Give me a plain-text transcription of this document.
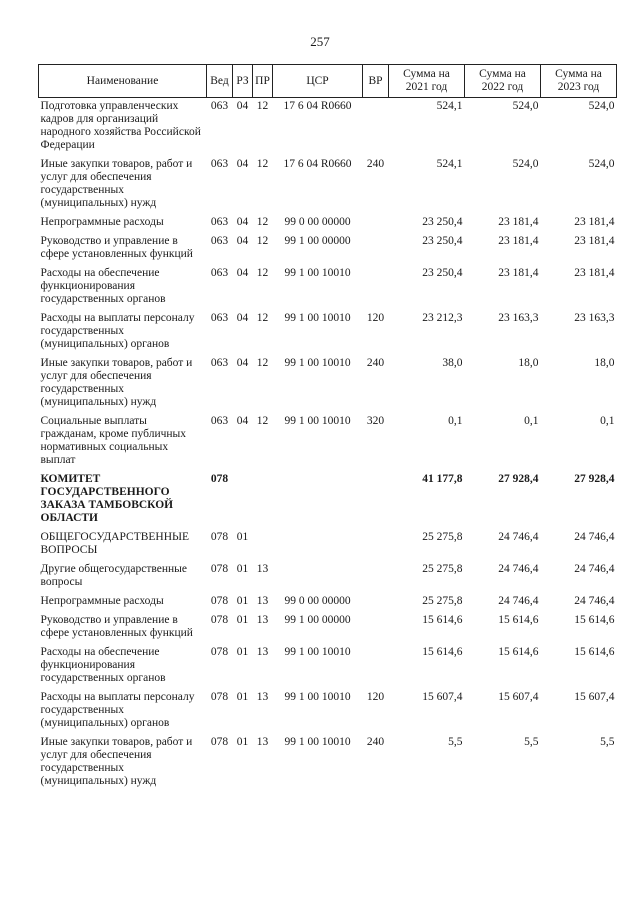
257
Наименование	Вед	РЗ	ПР	ЦСР	ВР	Сумма на 2021 год	Сумма на 2022 год	Сумма на 2023 год
Подготовка управленческих кадров для организаций народного хозяйства Российской Федерации	063	04	12	17 6 04 R0660		524,1	524,0	524,0
Иные закупки товаров, работ и услуг для обеспечения государственных (муниципальных) нужд	063	04	12	17 6 04 R0660	240	524,1	524,0	524,0
Непрограммные расходы	063	04	12	99 0 00 00000		23 250,4	23 181,4	23 181,4
Руководство и управление в сфере установленных функций	063	04	12	99 1 00 00000		23 250,4	23 181,4	23 181,4
Расходы на обеспечение функционирования государственных органов	063	04	12	99 1 00 10010		23 250,4	23 181,4	23 181,4
Расходы на выплаты персоналу государственных (муниципальных) органов	063	04	12	99 1 00 10010	120	23 212,3	23 163,3	23 163,3
Иные закупки товаров, работ и услуг для обеспечения государственных (муниципальных) нужд	063	04	12	99 1 00 10010	240	38,0	18,0	18,0
Социальные выплаты гражданам, кроме публичных нормативных социальных выплат	063	04	12	99 1 00 10010	320	0,1	0,1	0,1
КОМИТЕТ ГОСУДАРСТВЕННОГО ЗАКАЗА ТАМБОВСКОЙ ОБЛАСТИ	078					41 177,8	27 928,4	27 928,4
ОБЩЕГОСУДАРСТВЕННЫЕ ВОПРОСЫ	078	01				25 275,8	24 746,4	24 746,4
Другие общегосударственные вопросы	078	01	13			25 275,8	24 746,4	24 746,4
Непрограммные расходы	078	01	13	99 0 00 00000		25 275,8	24 746,4	24 746,4
Руководство и управление в сфере установленных функций	078	01	13	99 1 00 00000		15 614,6	15 614,6	15 614,6
Расходы на обеспечение функционирования государственных органов	078	01	13	99 1 00 10010		15 614,6	15 614,6	15 614,6
Расходы на выплаты персоналу государственных (муниципальных) органов	078	01	13	99 1 00 10010	120	15 607,4	15 607,4	15 607,4
Иные закупки товаров, работ и услуг для обеспечения государственных (муниципальных) нужд	078	01	13	99 1 00 10010	240	5,5	5,5	5,5
